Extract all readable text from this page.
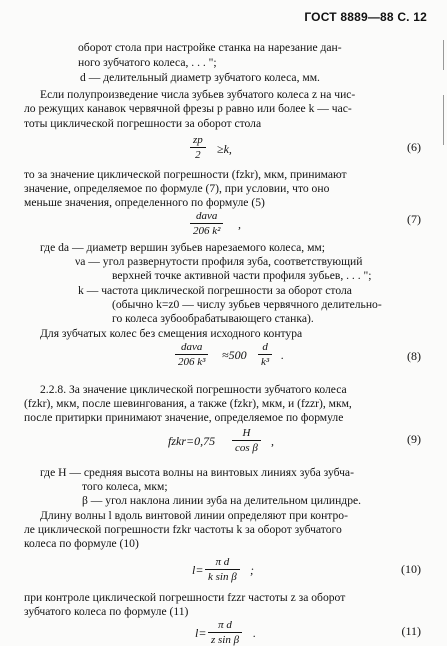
ГОСТ 8889—88 С. 12
оборот стола при настройке станка на нарезание дан-
ного зубчатого колеса, . . . ";
d — делительный диаметр зубчатого колеса, мм.
Если полупроизведение числа зубьев зубчатого колеса z на чис-
ло режущих канавок червячной фрезы p равно или более k — час-
тоты циклической погрешности за оборот стола
zp
2	≥k,	(6)
то за значение циклической погрешности (fzkr), мкм, принимают
значение, определяемое по формуле (7), при условии, что оно
меньше значения, определенного по формуле (5)
daνa
206 k² ,	(7)
где da — диаметр вершин зубьев нарезаемого колеса, мм;
νa — угол развернутости профиля зуба, соответствующий
верхней точке активной части профиля зубьев, . . . ";
k — частота циклической погрешности за оборот стола
(обычно k=z0 — числу зубьев червячного делительно-
го колеса зубообрабатывающего станка).
Для зубчатых колес без смещения исходного контура
daνa
206 k³ ≈500
d
k³ .	(8)
2.2.8. За значение циклической погрешности зубчатого колеса
(fzkr), мкм, после шевингования, а также (fzkr), мкм, и (fzzr), мкм,
после притирки принимают значение, определяемое по формуле
fzkr=0,75
H
cos β ,	(9)
где H — средняя высота волны на винтовых линиях зуба зубча-
того колеса, мкм;
β — угол наклона линии зуба на делительном цилиндре.
Длину волны l вдоль винтовой линии определяют при контро-
ле циклической погрешности fzkr частоты k за оборот зубчатого
колеса по формуле (10)
l=
π d
k sin β ;	(10)
при контроле циклической погрешности fzzr частоты z за оборот
зубчатого колеса по формуле (11)
l=
π d
z sin β .	(11)
